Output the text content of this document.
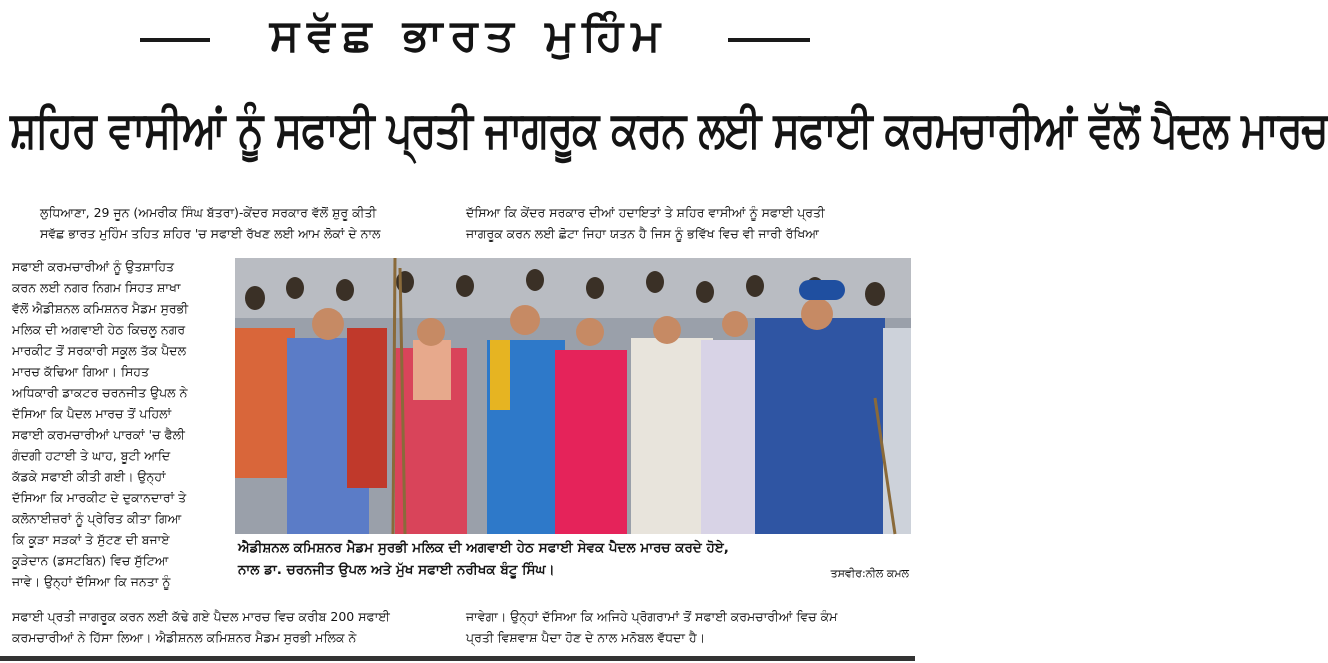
ਸਵੱਛ ਭਾਰਤ ਮੁਹਿੰਮ
ਸ਼ਹਿਰ ਵਾਸੀਆਂ ਨੂੰ ਸਫਾਈ ਪ੍ਰਤੀ ਜਾਗਰੂਕ ਕਰਨ ਲਈ ਸਫਾਈ ਕਰਮਚਾਰੀਆਂ ਵੱਲੋਂ ਪੈਦਲ ਮਾਰਚ
ਲੁਧਿਆਣਾ, 29 ਜੂਨ (ਅਮਰੀਕ ਸਿੰਘ ਬੱਤਰਾ)-ਕੇਂਦਰ ਸਰਕਾਰ ਵੱਲੋਂ ਸ਼ੁਰੂ ਕੀਤੀ
ਸਵੱਛ ਭਾਰਤ ਮੁਹਿੰਮ ਤਹਿਤ ਸ਼ਹਿਰ 'ਚ ਸਫਾਈ ਰੱਖਣ ਲਈ ਆਮ ਲੋਕਾਂ ਦੇ ਨਾਲ
ਦੱਸਿਆ ਕਿ ਕੇਂਦਰ ਸਰਕਾਰ ਦੀਆਂ ਹਦਾਇਤਾਂ ਤੇ ਸ਼ਹਿਰ ਵਾਸੀਆਂ ਨੂੰ ਸਫਾਈ ਪ੍ਰਤੀ
ਜਾਗਰੂਕ ਕਰਨ ਲਈ ਛੋਟਾ ਜਿਹਾ ਯਤਨ ਹੈ ਜਿਸ ਨੂੰ ਭਵਿੱਖ ਵਿਚ ਵੀ ਜਾਰੀ ਰੱਖਿਆ
ਸਫਾਈ ਕਰਮਚਾਰੀਆਂ ਨੂੰ ਉਤਸ਼ਾਹਿਤ
ਕਰਨ ਲਈ ਨਗਰ ਨਿਗਮ ਸਿਹਤ ਸ਼ਾਖਾ
ਵੱਲੋਂ ਐਡੀਸ਼ਨਲ ਕਮਿਸ਼ਨਰ ਮੈਡਮ ਸੁਰਭੀ
ਮਲਿਕ ਦੀ ਅਗਵਾਈ ਹੇਠ ਕਿਚਲੂ ਨਗਰ
ਮਾਰਕੀਟ ਤੋਂ ਸਰਕਾਰੀ ਸਕੂਲ ਤੱਕ ਪੈਦਲ
ਮਾਰਚ ਕੱਢਿਆ ਗਿਆ। ਸਿਹਤ
ਅਧਿਕਾਰੀ ਡਾਕਟਰ ਚਰਨਜੀਤ ਉਪਲ ਨੇ
ਦੱਸਿਆ ਕਿ ਪੈਦਲ ਮਾਰਚ ਤੋਂ ਪਹਿਲਾਂ
ਸਫਾਈ ਕਰਮਚਾਰੀਆਂ ਪਾਰਕਾਂ 'ਚ ਫੈਲੀ
ਗੰਦਗੀ ਹਟਾਈ ਤੇ ਘਾਹ, ਬੂਟੀ ਆਦਿ
ਕੱਡਕੇ ਸਫਾਈ ਕੀਤੀ ਗਈ। ਉਨ੍ਹਾਂ
ਦੱਸਿਆ ਕਿ ਮਾਰਕੀਟ ਦੇ ਦੁਕਾਨਦਾਰਾਂ ਤੇ
ਕਲੋਨਾਈਜ਼ਰਾਂ ਨੂੰ ਪ੍ਰੇਰਿਤ ਕੀਤਾ ਗਿਆ
ਕਿ ਕੂੜਾ ਸੜਕਾਂ ਤੇ ਸੁੱਟਣ ਦੀ ਬਜਾਏ
ਕੂੜੇਦਾਨ (ਡਸਟਬਿਨ) ਵਿਚ ਸੁੱਟਿਆ
ਜਾਵੇ। ਉਨ੍ਹਾਂ ਦੱਸਿਆ ਕਿ ਜਨਤਾ ਨੂੰ
ਐਡੀਸ਼ਨਲ ਕਮਿਸ਼ਨਰ ਮੈਡਮ ਸੁਰਭੀ ਮਲਿਕ ਦੀ ਅਗਵਾਈ ਹੇਠ ਸਫਾਈ ਸੇਵਕ ਪੈਦਲ ਮਾਰਚ ਕਰਦੇ ਹੋਏ,
ਨਾਲ ਡਾ. ਚਰਨਜੀਤ ਉਪਲ ਅਤੇ ਮੁੱਖ ਸਫਾਈ ਨਰੀਖਕ ਬੰਟੂ ਸਿੰਘ।	ਤਸਵੀਰ:ਨੀਲ ਕਮਲ
ਸਫਾਈ ਪ੍ਰਤੀ ਜਾਗਰੂਕ ਕਰਨ ਲਈ ਕੱਢੇ ਗਏ ਪੈਦਲ ਮਾਰਚ ਵਿਚ ਕਰੀਬ 200 ਸਫਾਈ
ਕਰਮਚਾਰੀਆਂ ਨੇ ਹਿੱਸਾ ਲਿਆ। ਐਡੀਸ਼ਨਲ ਕਮਿਸ਼ਨਰ ਮੈਡਮ ਸੁਰਭੀ ਮਲਿਕ ਨੇ
ਜਾਵੇਗਾ। ਉਨ੍ਹਾਂ ਦੱਸਿਆ ਕਿ ਅਜਿਹੇ ਪ੍ਰੋਗਰਾਮਾਂ ਤੋਂ ਸਫਾਈ ਕਰਮਚਾਰੀਆਂ ਵਿਚ ਕੰਮ
ਪ੍ਰਤੀ ਵਿਸ਼ਵਾਸ਼ ਪੈਦਾ ਹੋਣ ਦੇ ਨਾਲ ਮਨੋਬਲ ਵੱਧਦਾ ਹੈ।
